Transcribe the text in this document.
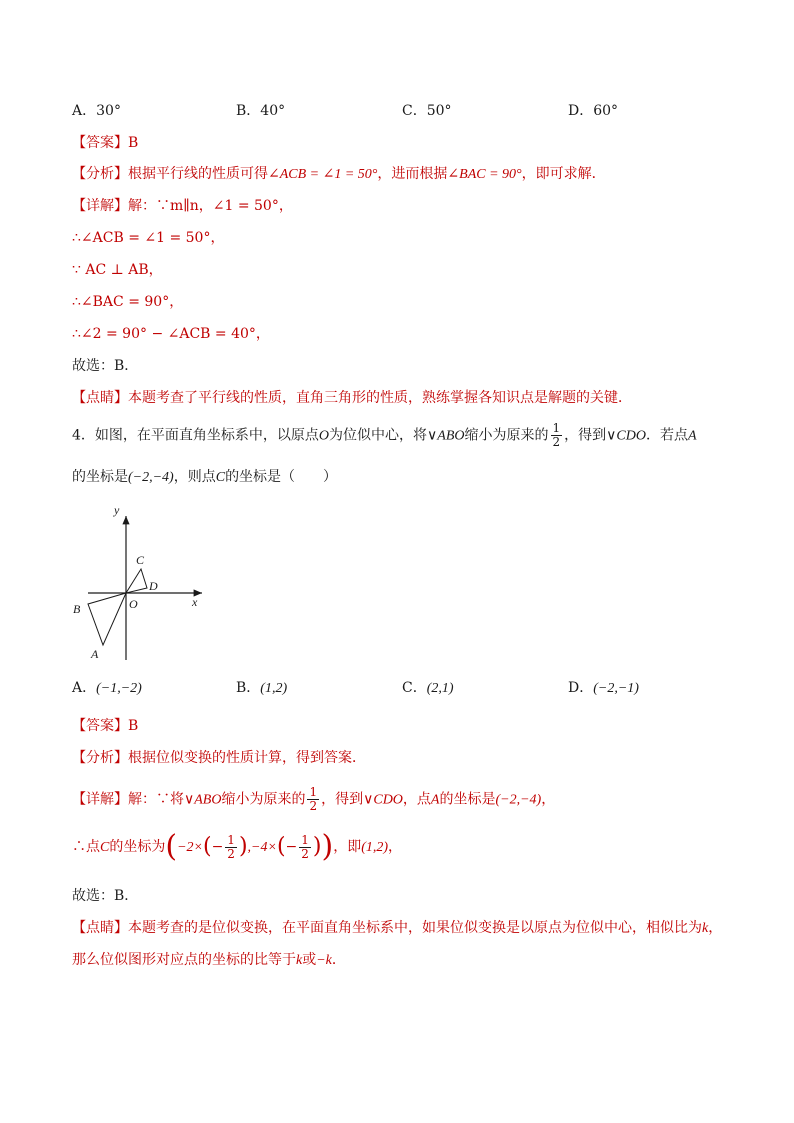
A．30°	B．40°	C．50°	D．60°
【答案】B
【分析】根据平行线的性质可得∠ACB = ∠1 = 50°，进而根据∠BAC = 90°，即可求解．
【详解】解：∵m∥n，∠1 = 50°，
∴∠ACB = ∠1 = 50°，
∵ AC ⊥ AB，
∴∠BAC = 90°，
∴∠2 = 90° − ∠ACB = 40°，
故选：B．
【点睛】本题考查了平行线的性质，直角三角形的性质，熟练掌握各知识点是解题的关键．
4．如图，在平面直角坐标系中，以原点O为位似中心，将∨ABO缩小为原来的 $\frac{1}{2}$ ，得到∨CDO．若点A
的坐标是(−2,−4)，则点C的坐标是（　　）
y
x
C
D
O
B
A
A．(−1,−2)	B．(1,2)	C．(2,1)	D．(−2,−1)
【答案】B
【分析】根据位似变换的性质计算，得到答案．
【详解】解：∵将∨ABO缩小为原来的 $\frac{1}{2}$ ，得到∨CDO，点A的坐标是(−2,−4)，
∴点C的坐标为($-2\times(- \frac{1}{2} ),-4\times(- \frac{1}{2}$ ))，即(1,2)，
故选：B．
【点睛】本题考查的是位似变换，在平面直角坐标系中，如果位似变换是以原点为位似中心，相似比为k，
那么位似图形对应点的坐标的比等于k或−k．
